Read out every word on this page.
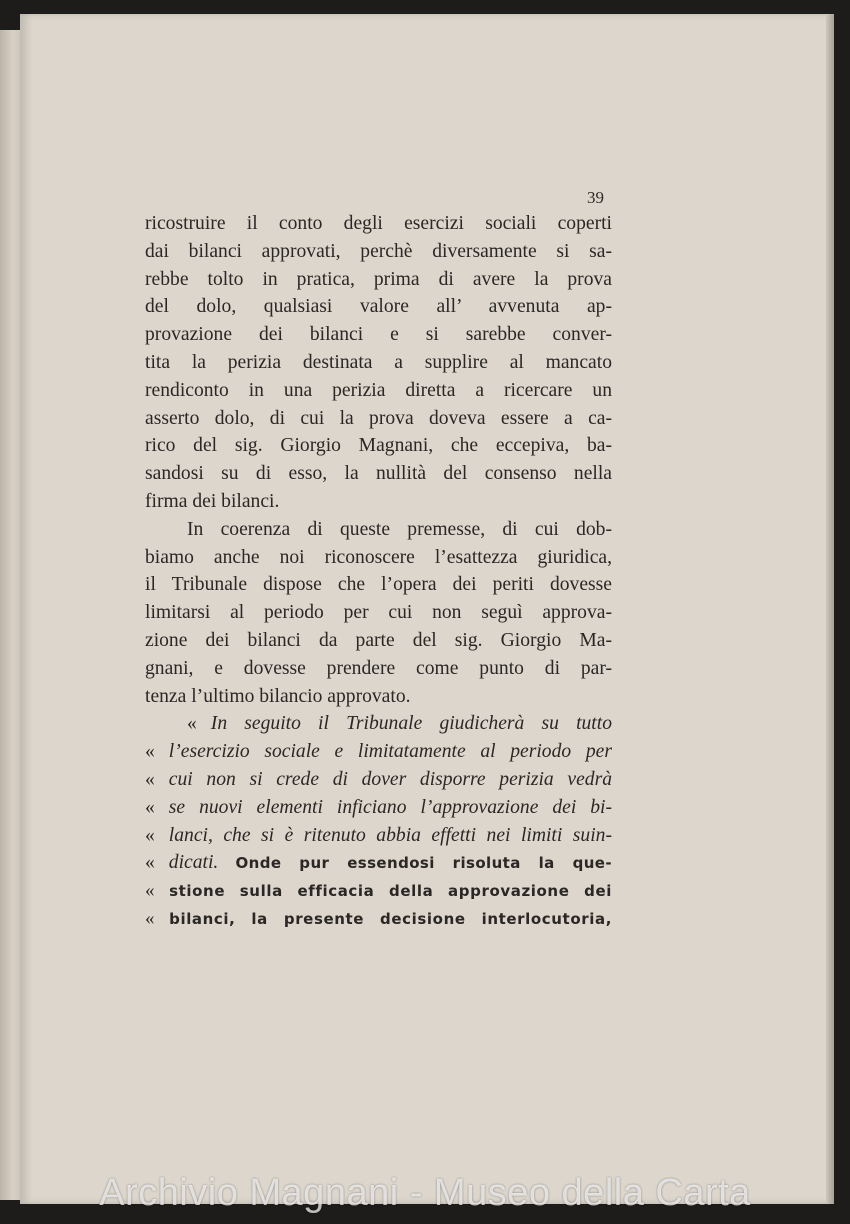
39
ricostruire il conto degli esercizi sociali coperti
dai bilanci approvati, perchè diversamente si sa-
rebbe tolto in pratica, prima di avere la prova
del dolo, qualsiasi valore all’ avvenuta ap-
provazione dei bilanci e si sarebbe conver-
tita la perizia destinata a supplire al mancato
rendiconto in una perizia diretta a ricercare un
asserto dolo, di cui la prova doveva essere a ca-
rico del sig. Giorgio Magnani, che eccepiva, ba-
sandosi su di esso, la nullità del consenso nella
firma dei bilanci.
In coerenza di queste premesse, di cui dob-
biamo anche noi riconoscere l’esattezza giuridica,
il Tribunale dispose che l’opera dei periti dovesse
limitarsi al periodo per cui non seguì approva-
zione dei bilanci da parte del sig. Giorgio Ma-
gnani, e dovesse prendere come punto di par-
tenza l’ultimo bilancio approvato.
« In seguito il Tribunale giudicherà su tutto
« l’esercizio sociale e limitatamente al periodo per
« cui non si crede di dover disporre perizia vedrà
« se nuovi elementi inficiano l’approvazione dei bi-
« lanci, che si è ritenuto abbia effetti nei limiti suin-
« dicati. Onde pur essendosi risoluta la que-
« stione sulla efficacia della approvazione dei
« bilanci, la presente decisione interlocutoria,
Archivio Magnani - Museo della Carta
